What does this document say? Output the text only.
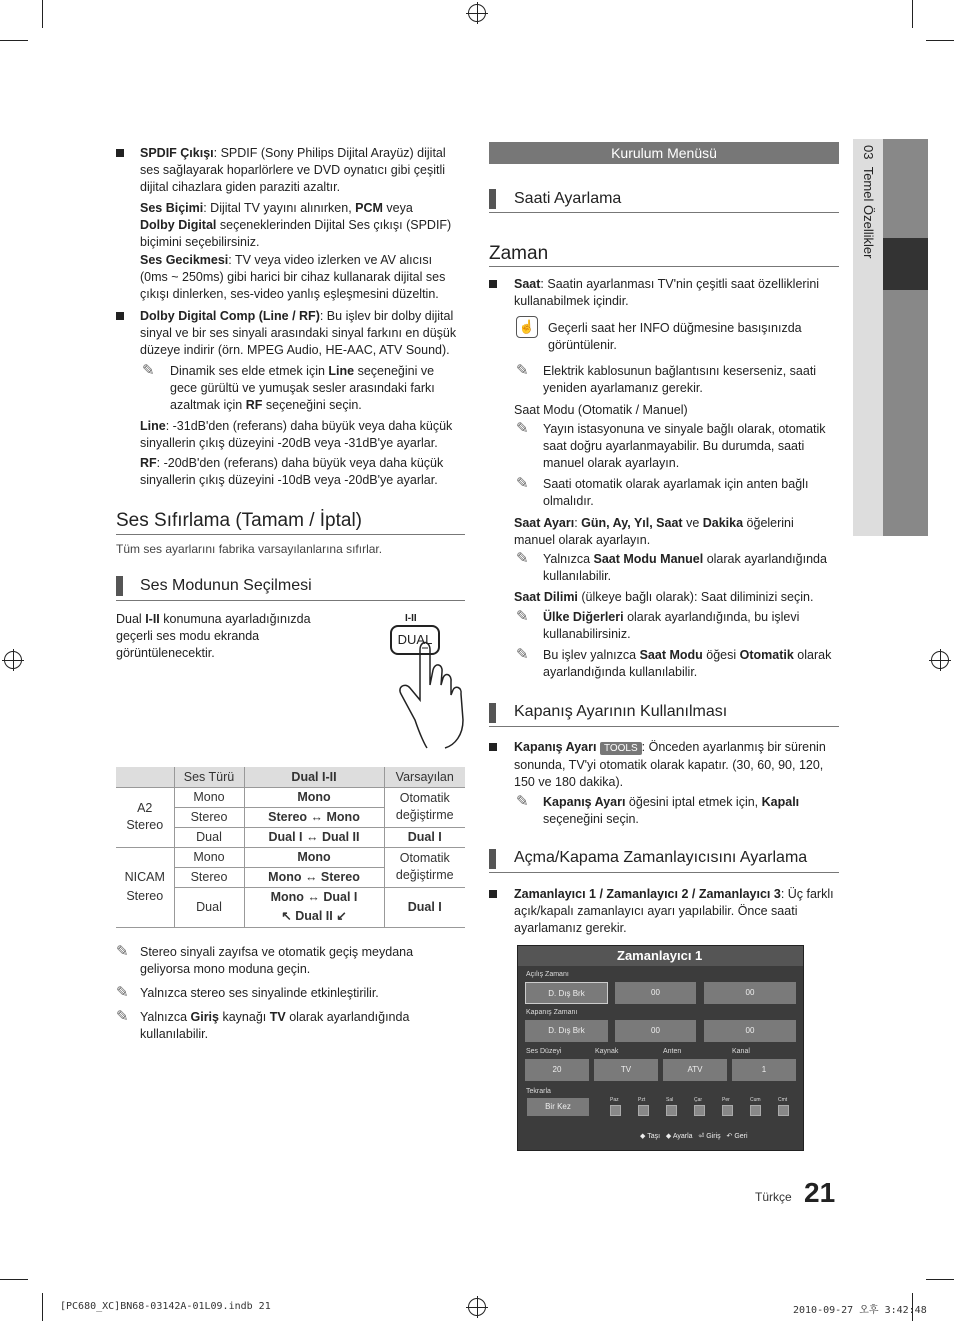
SPDIF Çıkışı: SPDIF (Sony Philips Dijital Arayüz) dijital ses sağlayarak hoparlörlere ve DVD oynatıcı gibi çeşitli dijital cihazlara giden paraziti azaltır.
Ses Biçimi: Dijital TV yayını alınırken, PCM veya
Dolby Digital seçeneklerinden Dijital Ses çıkışı (SPDIF)
biçimini seçebilirsiniz.
Ses Gecikmesi: TV veya video izlerken ve AV alıcısı (0ms ~ 250ms) gibi harici bir cihaz kullanarak dijital ses çıkışı dinlerken, ses-video yanlış eşleşmesini düzeltin.
Dolby Digital Comp (Line / RF): Bu işlev bir dolby dijital sinyal ve bir ses sinyali arasındaki sinyal farkını en düşük düzeye indirir (örn. MPEG Audio, HE-AAC, ATV Sound).
✎ Dinamik ses elde etmek için Line seçeneğini ve gece gürültü ve yumuşak sesler arasındaki farkı azaltmak için RF seçeneğini seçin.
Line: -31dB'den (referans) daha büyük veya daha küçük sinyallerin çıkış düzeyini -20dB veya -31dB'ye ayarlar.
RF: -20dB'den (referans) daha büyük veya daha küçük sinyallerin çıkış düzeyini -10dB veya -20dB'ye ayarlar.
Ses Sıfırlama (Tamam / İptal)
Tüm ses ayarlarını fabrika varsayılanlarına sıfırlar.
Ses Modunun Seçilmesi
Dual I-II konumuna ayarladığınızda geçerli ses modu ekranda görüntülenecektir.
I-II
DUAL
	Ses Türü	Dual I-II	Varsayılan
A2
Stereo	Mono	Mono	Otomatik değiştirme
	Stereo	Stereo ↔ Mono	
	Dual	Dual I ↔ Dual II	Dual I
NICAM
Stereo	Mono	Mono	Otomatik değiştirme
	Stereo	Mono ↔ Stereo	
	Dual	Mono ↔ Dual I
↖ Dual II ↙	Dual I
✎ Stereo sinyali zayıfsa ve otomatik geçiş meydana geliyorsa mono moduna geçin.
✎ Yalnızca stereo ses sinyalinde etkinleştirilir.
✎ Yalnızca Giriş kaynağı TV olarak ayarlandığında kullanılabilir.
Kurulum Menüsü
Saati Ayarlama
Zaman
Saat: Saatin ayarlanması TV'nin çeşitli saat özelliklerini kullanabilmek içindir.
☝ Geçerli saat her INFO düğmesine basışınızda görüntülenir.
✎ Elektrik kablosunun bağlantısını keserseniz, saati yeniden ayarlamanız gerekir.
Saat Modu (Otomatik / Manuel)
✎ Yayın istasyonuna ve sinyale bağlı olarak, otomatik saat doğru ayarlanmayabilir. Bu durumda, saati manuel olarak ayarlayın.
✎ Saati otomatik olarak ayarlamak için anten bağlı olmalıdır.
Saat Ayarı: Gün, Ay, Yıl, Saat ve Dakika öğelerini manuel olarak ayarlayın.
✎ Yalnızca Saat Modu Manuel olarak ayarlandığında kullanılabilir.
Saat Dilimi (ülkeye bağlı olarak): Saat diliminizi seçin.
✎ Ülke Diğerleri olarak ayarlandığında, bu işlevi kullanabilirsiniz.
✎ Bu işlev yalnızca Saat Modu öğesi Otomatik olarak ayarlandığında kullanılabilir.
Kapanış Ayarının Kullanılması
Kapanış Ayarı TOOLS : Önceden ayarlanmış bir sürenin sonunda, TV'yi otomatik olarak kapatır. (30, 60, 90, 120, 150 ve 180 dakika).
✎ Kapanış Ayarı öğesini iptal etmek için, Kapalı seçeneğini seçin.
Açma/Kapama Zamanlayıcısını Ayarlama
Zamanlayıcı 1 / Zamanlayıcı 2 / Zamanlayıcı 3: Üç farklı açık/kapalı zamanlayıcı ayarı yapılabilir. Önce saati ayarlamanız gerekir.
Zamanlayıcı 1
Açılış Zamanı
D. Dış Brk	00	00
Kapanış Zamanı
D. Dış Brk	00	00
Ses Düzeyi	Kaynak	Anten	Kanal
20	TV	ATV	1
Tekrarla
Bir Kez
Paz	Pzt	Sal	Çar	Per	Cum	Cmt
◆ Taşı ◆ Ayarla ⏎ Giriş ↶ Geri
03  Temel Özellikler
Türkçe 21
[PC680_XC]BN68-03142A-01L09.indb 21	2010-09-27 오후 3:42:48
